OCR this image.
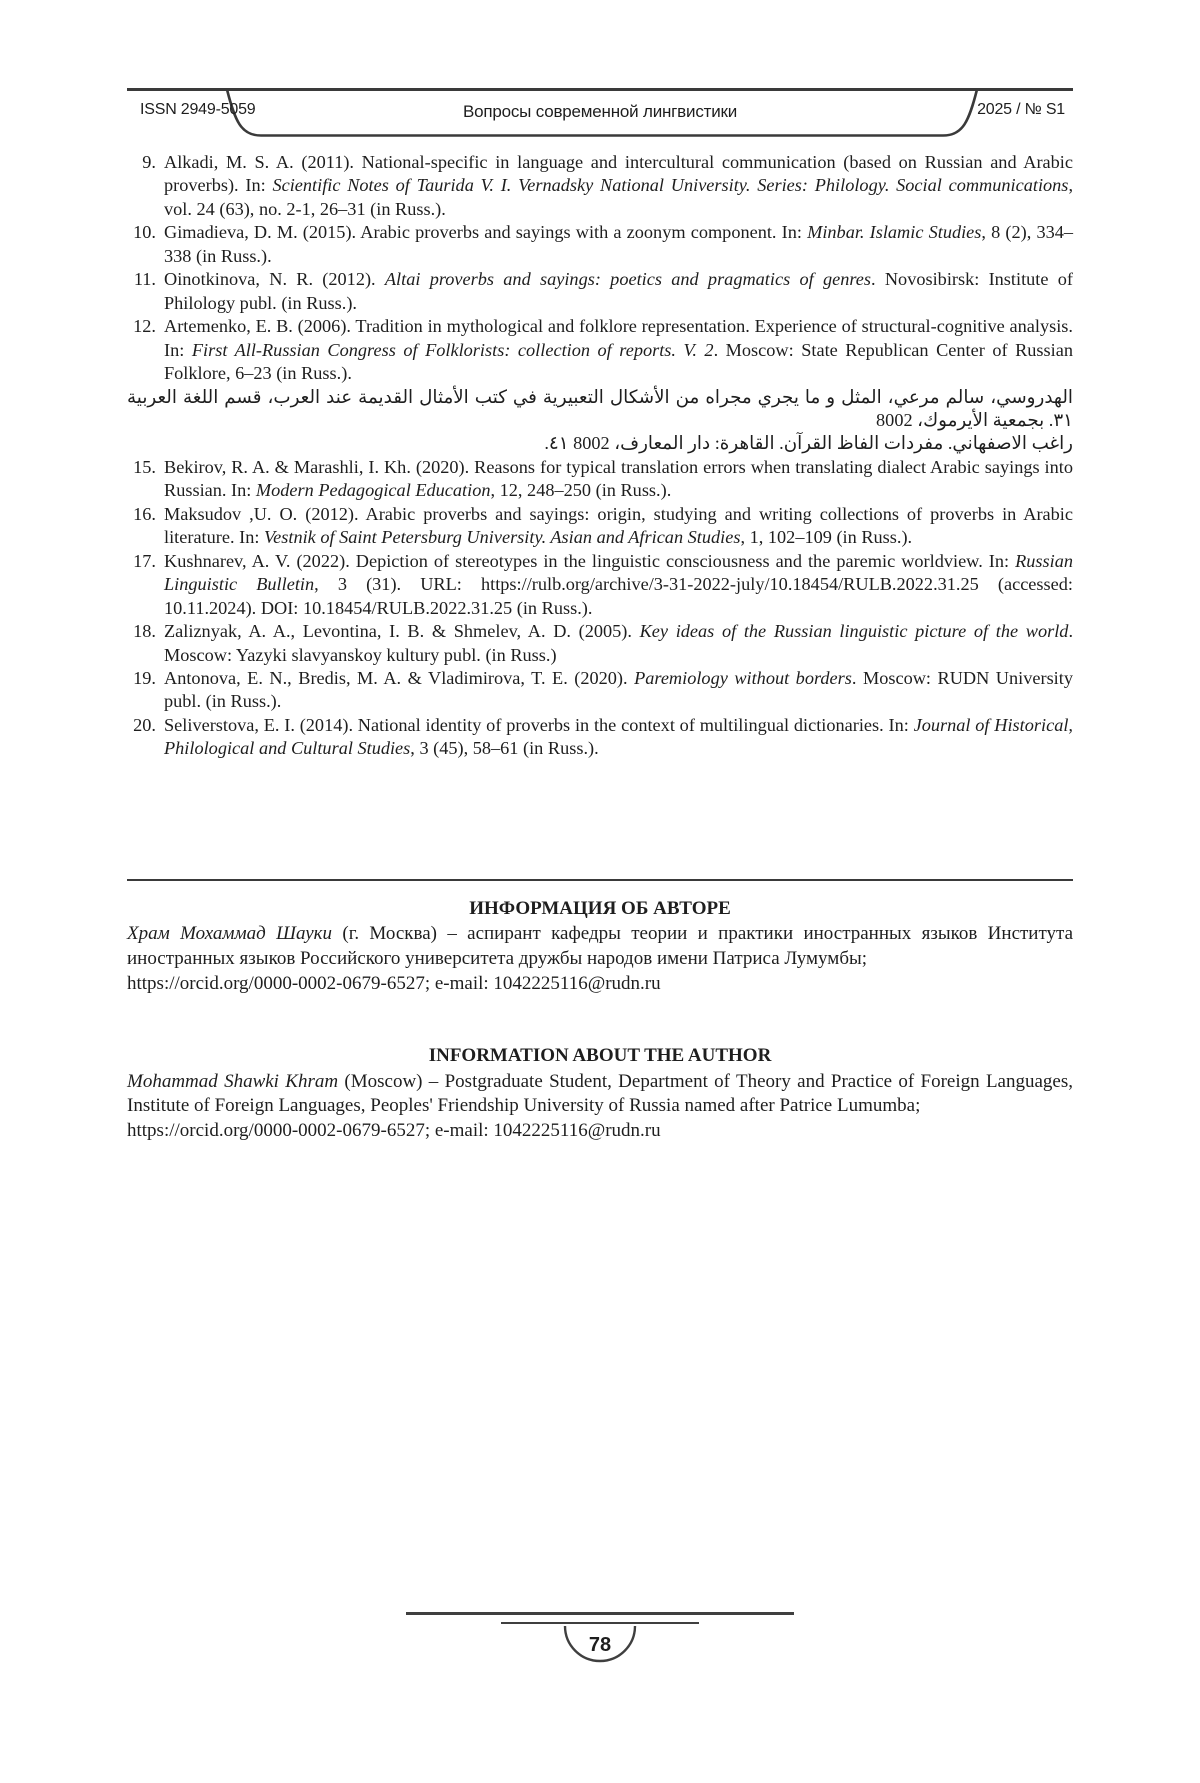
ISSN 2949-5059	Вопросы современной лингвистики	2025 / № S1
9. Alkadi, M. S. A. (2011). National-specific in language and intercultural communication (based on Russian and Arabic proverbs). In: Scientific Notes of Taurida V. I. Vernadsky National University. Series: Philology. Social communications, vol. 24 (63), no. 2-1, 26–31 (in Russ.).
10. Gimadieva, D. M. (2015). Arabic proverbs and sayings with a zoonym component. In: Minbar. Islamic Studies, 8 (2), 334–338 (in Russ.).
11. Oinotkinova, N. R. (2012). Altai proverbs and sayings: poetics and pragmatics of genres. Novosibirsk: Institute of Philology publ. (in Russ.).
12. Artemenko, E. B. (2006). Tradition in mythological and folklore representation. Experience of structural-cognitive analysis. In: First All-Russian Congress of Folklorists: collection of reports. V. 2. Moscow: State Republican Center of Russian Folklore, 6–23 (in Russ.).
الهدروسي، سالم مرعي، المثل و ما يجري مجراه من الأشكال التعبيرية في كتب الأمثال القديمة عند العرب، قسم اللغة العربية ٣١. بجمعية الأيرموك، 8002
راغب الاصفهاني. مفردات الفاظ القرآن. القاهرة: دار المعارف، 8002 ٤١.
15. Bekirov, R. A. & Marashli, I. Kh. (2020). Reasons for typical translation errors when translating dialect Arabic sayings into Russian. In: Modern Pedagogical Education, 12, 248–250 (in Russ.).
16. Maksudov ,U. O. (2012). Arabic proverbs and sayings: origin, studying and writing collections of proverbs in Arabic literature. In: Vestnik of Saint Petersburg University. Asian and African Studies, 1, 102–109 (in Russ.).
17. Kushnarev, A. V. (2022). Depiction of stereotypes in the linguistic consciousness and the paremic worldview. In: Russian Linguistic Bulletin, 3 (31). URL: https://rulb.org/archive/3-31-2022-july/10.18454/RULB.2022.31.25 (accessed: 10.11.2024). DOI: 10.18454/RULB.2022.31.25 (in Russ.).
18. Zaliznyak, A. A., Levontina, I. B. & Shmelev, A. D. (2005). Key ideas of the Russian linguistic picture of the world. Moscow: Yazyki slavyanskoy kultury publ. (in Russ.)
19. Antonova, E. N., Bredis, M. A. & Vladimirova, T. E. (2020). Paremiology without borders. Moscow: RUDN University publ. (in Russ.).
20. Seliverstova, E. I. (2014). National identity of proverbs in the context of multilingual dictionaries. In: Journal of Historical, Philological and Cultural Studies, 3 (45), 58–61 (in Russ.).
ИНФОРМАЦИЯ ОБ АВТОРЕ

Храм Мохаммад Шауки (г. Москва) – аспирант кафедры теории и практики иностранных языков Института иностранных языков Российского университета дружбы народов имени Патриса Лумумбы;

https://orcid.org/0000-0002-0679-6527; e-mail: 1042225116@rudn.ru

INFORMATION ABOUT THE AUTHOR

Mohammad Shawki Khram (Moscow) – Postgraduate Student, Department of Theory and Practice of Foreign Languages, Institute of Foreign Languages, Peoples' Friendship University of Russia named after Patrice Lumumba;

https://orcid.org/0000-0002-0679-6527; e-mail: 1042225116@rudn.ru

78
